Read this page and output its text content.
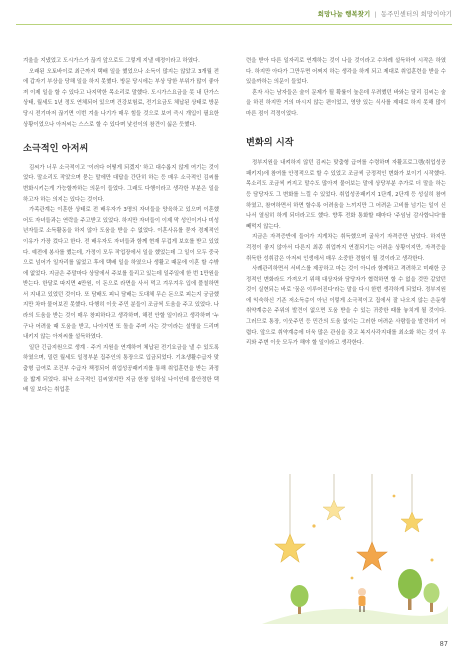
희망나눔 행복찾기 | 동주민센터의 희망이야기

겨울을 지냈었고 도시가스가 끊겨 앞으로도 그렇게 지낼 예정이라고 하였다.

오래된 오토바이로 최근까지 택배 일을 했었으나 소득이 많지는 않았고 3개월 전에 갑자기 부상을 당해 일을 하지 못했다. 방문 당시에는 부상 당한 부위가 많이 좋아져 이제 일을 할 수 있다고 나지막한 목소리로 말했다. 도시가스요금을 못 내 단가스 상태, 월세도 1년 정도 연체되어 있으며 건강보험료, 전기요금도 체납된 상태로 방문 당시 전기마저 끊기면 이번 겨울 나기가 매우 힘들 것으로 보여 즉시 개입이 필요한 상황이었으나 아저씨는 스스로 할 수 있다며 낯선이의 참견이 싫은 듯했다.

소극적인 아저씨

김씨가 너무 소극적이고 '이러다 어떻게 되겠지' 하고 대수롭지 않게 여기는 것이었다. 말소리도 작았으며 묻는 말에만 대답을 간단히 하는 등 매우 소극적인 김씨를 변화시키는게 가능할까하는 의문이 들었다. 그래도 다행이라고 생각한 부분은 일을 하고자 하는 의지는 있다는 것이다.

가족관계는 이혼한 상태로 전 배우자가 3명의 자녀들을 양육하고 있으며 이혼했어도 자녀들과는 연락을 주고받고 있었다. 하지만 자녀들이 이제 막 성인이거나 미성년자들로 소득활동을 하지 않아 도움을 받을 수 없었다. 이혼사유를 묻자 경제적인 이유가 가장 컸다고 한다. 전 배우자도 자녀들과 함께 현재 무겁게 보호를 받고 있었다. 예전에 봉사를 했는데, 가정이 모두 작업장에서 일을 했었는데 그 일이 모두 중국으로 넘어가 일자리를 잃었고 후에 택배 일을 하였으나 생활고 때문에 이혼 할 수밖에 없었다. 지금은 주말마다 상담에서 주보를 들리고 있는데 일주일에 한 번 1만원을 받는다. 한달로 따지면 4만원, 이 돈으로 라면을 사서 먹고 겨우겨우 입에 풀칠하면서 지내고 있었던 것이다. 또 담배도 피니 담배는 도대체 무슨 돈으로 피는지 궁금했지만 차마 물어보진 못했다. 다행히 이웃 주민 분들이 조금씩 도움을 주고 있었다. 나라의 도움을 받는 것이 매우 창피하다고 생각하며, 해전 안할 일이라고 생각하며 '누구나 어려울 때 도움을 받고, 나아지면 또 돌을 주며 사는 것'이라는 설명을 드리며 내키지 않는 아저씨를 설득하였다.

일단 긴급지원으로 생계 · 주거 지원을 연계하여 체납된 전기요금을 낼 수 있도록 하였으며, 밀린 월세도 일정부분 집주인의 통장으로 입금되었다. 기초생활수급자 맞춤형 급여로 조건부 수급자 책정되어 취업성공패키지를 통해 취업훈련을 받는 과정을 밟게 되었다. 워낙 소극적인 김씨였지만 지금 한창 일하실 나이인데 불안정한 택배 일 보다는 취업훈

련을 받아 다른 일자리로 연계하는 것이 나을 것이라고 수차례 설득하여 시작은 하였다. 하지만 아다가 그만두면 어쩌지 하는 생각을 하게 되고 제대로 취업훈련을 받을 수 있을까하는 의문이 들었다.

혼자 사는 남자들은 술이 문제가 될 확률이 높은데 우려했던 바와는 달리 김씨는 술을 하진 하지만 거의 마시지 않는 편이었고, 영양 있는 식사를 제대로 하지 못해 많이 마른 점이 걱정이었다.

변화의 시작

정부지원을 내켜하지 않던 김씨는 맞춤형 급여를 수령하며 자활프로그램(취업성공패키지)에 참여를 안정적으로 할 수 있었고 조금씩 긍정적인 변화가 보이기 시작했다. 목소리도 조금씩 커지고 말수도 많아져 물어보는 말에 상당부분 추가로 더 말을 하는 등 담당자도 그 변화를 느낄 수 있었다. 취업성공패키지 1단계, 2단계 등 성실히 참여하였고, 참여하면서 하면 할수록 어려움을 느끼지만 그 어려운 고비를 넘기는 일이 신나서 열심히 하게 되더라고도 했다. 향후 전화 통화할 때마다 '주임님 감사합니다'를 빼먹지 않는다.

지금은 자격증반에 들어가 지게차는 취득했으며 굴삭기 자격증만 남았다. 하지만 걱정이 좋지 않아서 다른지 최종 취업까지 연결되기는 어려운 상황이지만, 자격증을 취득한 성취감은 아저씨 인생에서 매우 소중한 경험이 될 것이라고 생각한다.

사례관리하면서 서비스를 제공하고 마는 것이 아니라 함께하고 격려하고 미래한 긍정적인 변화라도 가져오기 위해 대상자와 담당자가 협력하면 할 수 없을 것만 같았던 것이 실현되는 바로 '꿈은 이루어진다'라는 말을 다시 한번 생각하게 되었다. 정부지원에 익숙하신 기존 저소득층이 아닌 이렇게 소극적이고 집에서 잘 나오지 않는 은둔형 취약계층은 주위의 발견이 없으면 도움 받을 수 있는 귀중한 때를 놓치게 될 것이다. 그러므로 통장, 이웃주민 등 민간의 도움 없이는 그러한 어려운 사람들을 발견하기 어렵다. 앞으로 취약계층에 더욱 많은 관심을 갖고 복지사각지대를 최소화 하는 것이 우리와 주변 이웃 모두가 해야 할 일이라고 생각한다.

87
